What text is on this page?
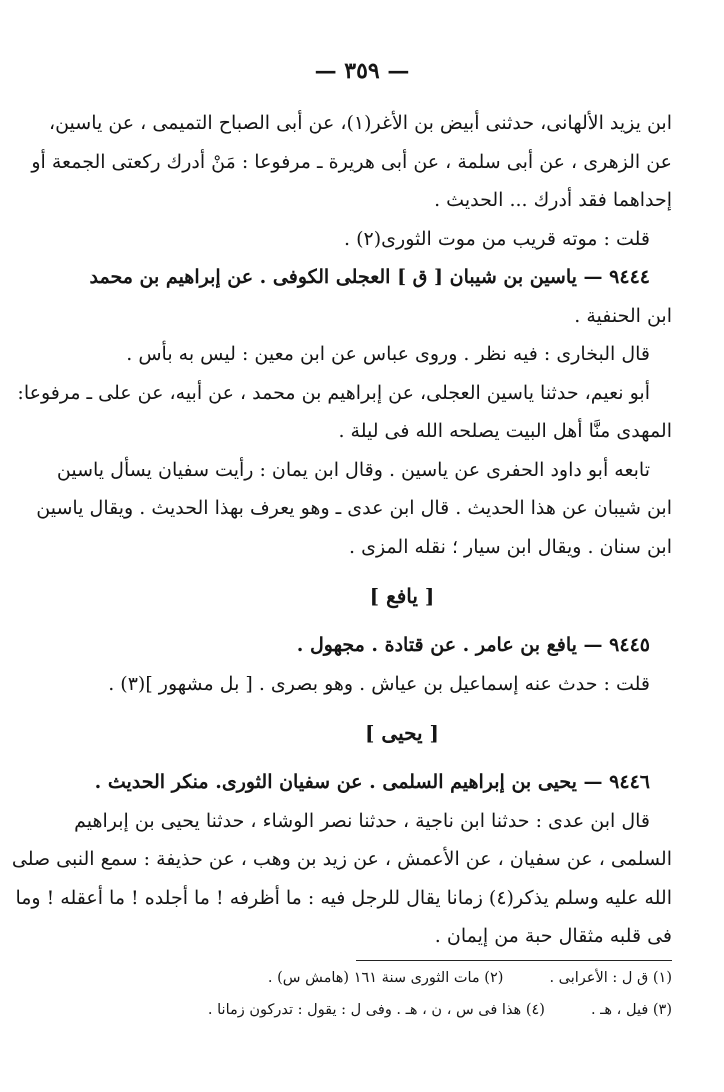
— ٣٥٩ —
ابن يزيد الألهانى، حدثنى أبيض بن الأغر(١)، عن أبى الصباح التميمى ، عن ياسين،
عن الزهرى ، عن أبى سلمة ، عن أبى هريرة ـ مرفوعا : مَنْ أدرك ركعتى الجمعة أو
إحداهما فقد أدرك ... الحديث .
قلت : موته قريب من موت الثورى(٢) .
٩٤٤٤ — ياسين بن شيبان [ ق ] العجلى الكوفى . عن إبراهيم بن محمد
ابن الحنفية .
قال البخارى : فيه نظر . وروى عباس عن ابن معين : ليس به بأس .
أبو نعيم، حدثنا ياسين العجلى، عن إبراهيم بن محمد ، عن أبيه، عن على ـ مرفوعا:
المهدى منَّا أهل البيت يصلحه الله فى ليلة .
تابعه أبو داود الحفرى عن ياسين . وقال ابن يمان : رأيت سفيان يسأل ياسين
ابن شيبان عن هذا الحديث . قال ابن عدى ـ وهو يعرف بهذا الحديث . ويقال ياسين
ابن سنان . ويقال ابن سيار ؛ نقله المزى .
[ يافع ]
٩٤٤٥ — يافع بن عامر . عن قتادة . مجهول .
قلت : حدث عنه إسماعيل بن عياش . وهو بصرى . [ بل مشهور ](٣) .
[ يحيى ]
٩٤٤٦ — يحيى بن إبراهيم السلمى . عن سفيان الثورى. منكر الحديث .
قال ابن عدى : حدثنا ابن ناجية ، حدثنا نصر الوشاء ، حدثنا يحيى بن إبراهيم
السلمى ، عن سفيان ، عن الأعمش ، عن زيد بن وهب ، عن حذيفة : سمع النبى صلى
الله عليه وسلم يذكر(٤) زمانا يقال للرجل فيه : ما أظرفه ! ما أجلده ! ما أعقله ! وما
فى قلبه مثقال حبة من إيمان .
(١) ق ل : الأعرابى .
(٢) مات الثورى سنة ١٦١ (هامش س) .
(٣) فيل ، هـ .
(٤) هذا فى س ، ن ، هـ . وفى ل : يقول : تدركون زمانا .
